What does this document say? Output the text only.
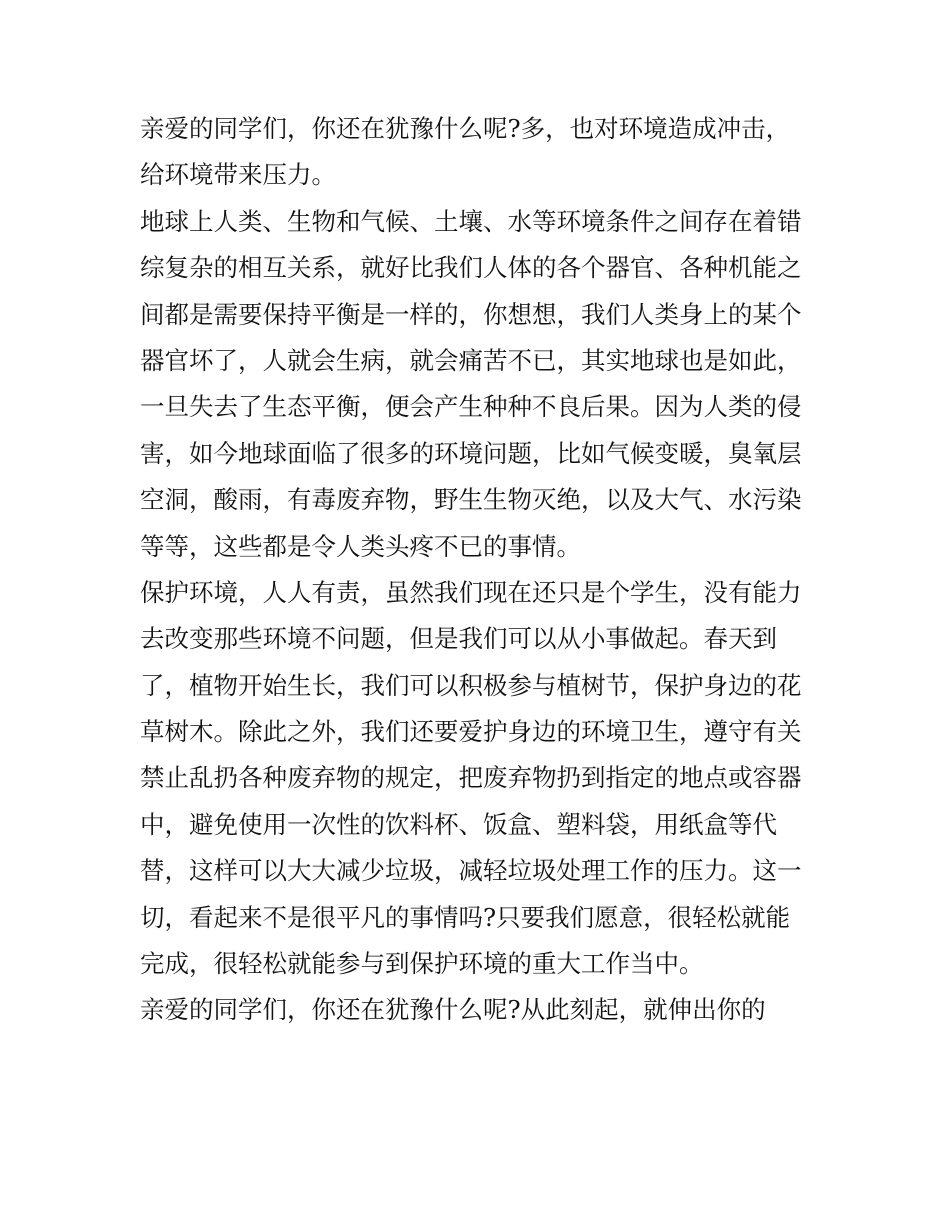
亲爱的同学们，你还在犹豫什么呢?多，也对环境造成冲击，
给环境带来压力。
地球上人类、生物和气候、土壤、水等环境条件之间存在着错
综复杂的相互关系，就好比我们人体的各个器官、各种机能之
间都是需要保持平衡是一样的，你想想，我们人类身上的某个
器官坏了，人就会生病，就会痛苦不已，其实地球也是如此，
一旦失去了生态平衡，便会产生种种不良后果。因为人类的侵
害，如今地球面临了很多的环境问题，比如气候变暖，臭氧层
空洞，酸雨，有毒废弃物，野生生物灭绝，以及大气、水污染
等等，这些都是令人类头疼不已的事情。
保护环境，人人有责，虽然我们现在还只是个学生，没有能力
去改变那些环境不问题，但是我们可以从小事做起。春天到
了，植物开始生长，我们可以积极参与植树节，保护身边的花
草树木。除此之外，我们还要爱护身边的环境卫生，遵守有关
禁止乱扔各种废弃物的规定，把废弃物扔到指定的地点或容器
中，避免使用一次性的饮料杯、饭盒、塑料袋，用纸盒等代
替，这样可以大大减少垃圾，减轻垃圾处理工作的压力。这一
切，看起来不是很平凡的事情吗?只要我们愿意，很轻松就能
完成，很轻松就能参与到保护环境的重大工作当中。
亲爱的同学们，你还在犹豫什么呢?从此刻起，就伸出你的
